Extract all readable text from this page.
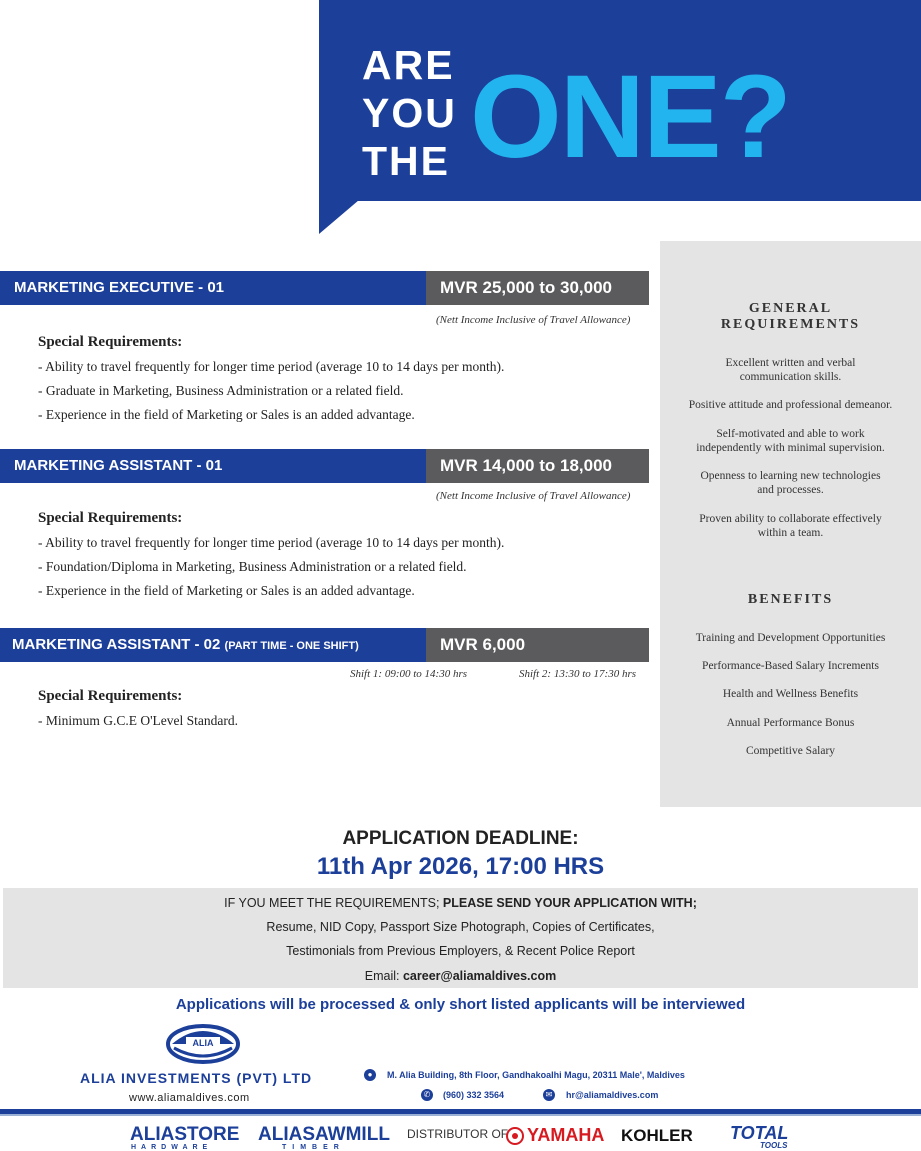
ARE
YOU
THE ONE?
GENERAL
REQUIREMENTS
Excellent written and verbal
communication skills.
Positive attitude and professional demeanor.
Self-motivated and able to work
independently with minimal supervision.
Openness to learning new technologies
and processes.
Proven ability to collaborate effectively
within a team.
BENEFITS
Training and Development Opportunities
Performance-Based Salary Increments
Health and Wellness Benefits
Annual Performance Bonus
Competitive Salary
MARKETING EXECUTIVE - 01	MVR 25,000 to 30,000
(Nett Income Inclusive of Travel Allowance)
Special Requirements:
- Ability to travel frequently for longer time period (average 10 to 14 days per month).
- Graduate in Marketing, Business Administration or a related field.
- Experience in the field of Marketing or Sales is an added advantage.
MARKETING ASSISTANT - 01	MVR 14,000 to 18,000
(Nett Income Inclusive of Travel Allowance)
Special Requirements:
- Ability to travel frequently for longer time period (average 10 to 14 days per month).
- Foundation/Diploma in Marketing, Business Administration or a related field.
- Experience in the field of Marketing or Sales is an added advantage.
MARKETING ASSISTANT - 02 (PART TIME - ONE SHIFT)	MVR 6,000
Shift 1: 09:00 to 14:30 hrs	Shift 2: 13:30 to 17:30 hrs
Special Requirements:
- Minimum G.C.E O'Level Standard.
APPLICATION DEADLINE:
11th Apr 2026, 17:00 HRS
IF YOU MEET THE REQUIREMENTS; PLEASE SEND YOUR APPLICATION WITH;
Resume, NID Copy, Passport Size Photograph, Copies of Certificates,
Testimonials from Previous Employers, & Recent Police Report
Email: career@aliamaldives.com
Applications will be processed & only short listed applicants will be interviewed
ALIA
ALIA INVESTMENTS (PVT) LTD
www.aliamaldives.com
●	M. Alia Building, 8th Floor, Gandhakoalhi Magu, 20311 Male', Maldives
✆ (960) 332 3564	✉ hr@aliamaldives.com
ALIASTORE
HARDWARE
ALIASAWMILL
TIMBER
DISTRIBUTOR OF YAMAHA KOHLER TOTAL
TOOLS
